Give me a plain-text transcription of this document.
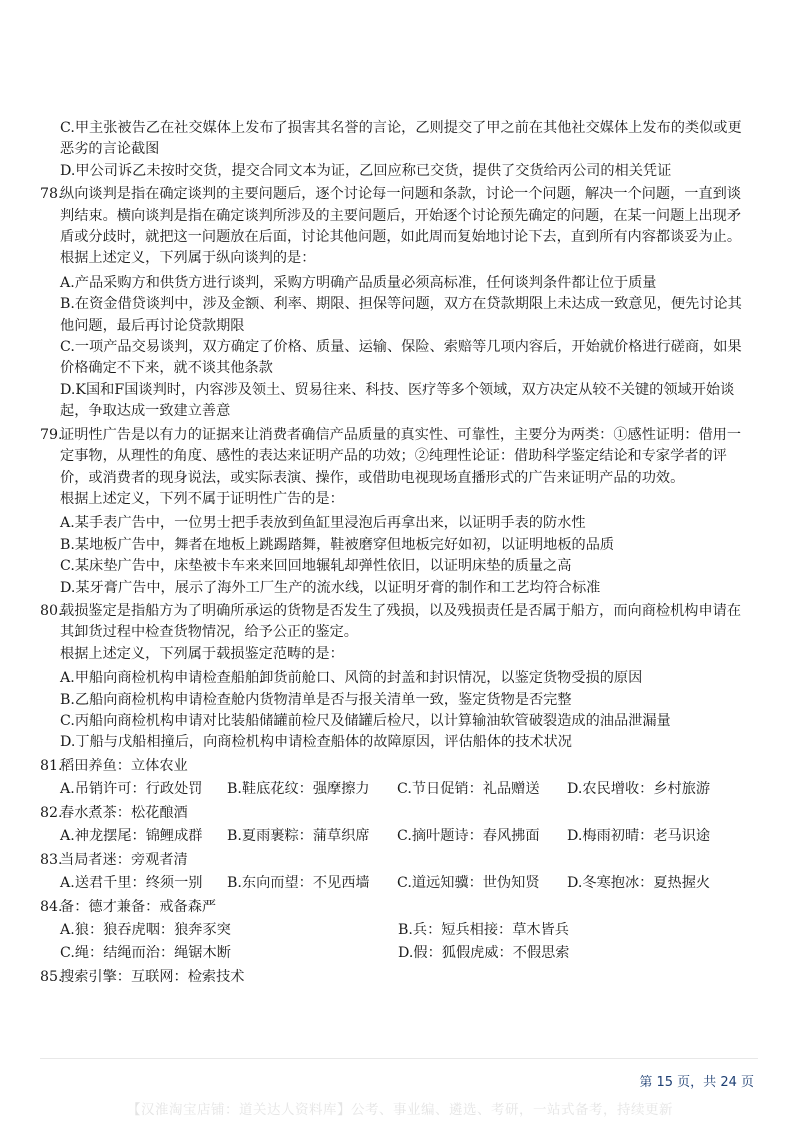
C.甲主张被告乙在社交媒体上发布了损害其名誉的言论，乙则提交了甲之前在其他社交媒体上发布的类似或更
恶劣的言论截图
D.甲公司诉乙未按时交货，提交合同文本为证，乙回应称已交货，提供了交货给丙公司的相关凭证
78.纵向谈判是指在确定谈判的主要问题后，逐个讨论每一问题和条款，讨论一个问题，解决一个问题，一直到谈
判结束。横向谈判是指在确定谈判所涉及的主要问题后，开始逐个讨论预先确定的问题，在某一问题上出现矛
盾或分歧时，就把这一问题放在后面，讨论其他问题，如此周而复始地讨论下去，直到所有内容都谈妥为止。
根据上述定义，下列属于纵向谈判的是：
A.产品采购方和供货方进行谈判，采购方明确产品质量必须高标准，任何谈判条件都让位于质量
B.在资金借贷谈判中，涉及金额、利率、期限、担保等问题，双方在贷款期限上未达成一致意见，便先讨论其
他问题，最后再讨论贷款期限
C.一项产品交易谈判，双方确定了价格、质量、运输、保险、索赔等几项内容后，开始就价格进行磋商，如果
价格确定不下来，就不谈其他条款
D.K国和F国谈判时，内容涉及领土、贸易往来、科技、医疗等多个领域，双方决定从较不关键的领域开始谈
起，争取达成一致建立善意
79.证明性广告是以有力的证据来让消费者确信产品质量的真实性、可靠性，主要分为两类：①感性证明：借用一
定事物，从理性的角度、感性的表达来证明产品的功效；②纯理性论证：借助科学鉴定结论和专家学者的评
价，或消费者的现身说法，或实际表演、操作，或借助电视现场直播形式的广告来证明产品的功效。
根据上述定义，下列不属于证明性广告的是：
A.某手表广告中，一位男士把手表放到鱼缸里浸泡后再拿出来，以证明手表的防水性
B.某地板广告中，舞者在地板上跳踢踏舞，鞋被磨穿但地板完好如初，以证明地板的品质
C.某床垫广告中，床垫被卡车来来回回地辗轧却弹性依旧，以证明床垫的质量之高
D.某牙膏广告中，展示了海外工厂生产的流水线，以证明牙膏的制作和工艺均符合标准
80.载损鉴定是指船方为了明确所承运的货物是否发生了残损，以及残损责任是否属于船方，而向商检机构申请在
其卸货过程中检查货物情况，给予公正的鉴定。
根据上述定义，下列属于载损鉴定范畴的是：
A.甲船向商检机构申请检查船舶卸货前舱口、风筒的封盖和封识情况，以鉴定货物受损的原因
B.乙船向商检机构申请检查舱内货物清单是否与报关清单一致，鉴定货物是否完整
C.丙船向商检机构申请对比装船储罐前检尺及储罐后检尺，以计算输油软管破裂造成的油品泄漏量
D.丁船与戊船相撞后，向商检机构申请检查船体的故障原因，评估船体的技术状况
81.稻田养鱼：立体农业
A.吊销许可：行政处罚	B.鞋底花纹：强摩擦力	C.节日促销：礼品赠送	D.农民增收：乡村旅游
82.春水煮茶：松花酿酒
A.神龙摆尾：锦鲤成群	B.夏雨裹粽：蒲草织席	C.摘叶题诗：春风拂面	D.梅雨初晴：老马识途
83.当局者迷：旁观者清
A.送君千里：终须一别	B.东向而望：不见西墙	C.道远知骥：世伪知贤	D.冬寒抱冰：夏热握火
84.备：德才兼备：戒备森严
A.狼：狼吞虎咽：狼奔豕突	B.兵：短兵相接：草木皆兵
C.绳：结绳而治：绳锯木断	D.假：狐假虎威：不假思索
85.搜索引擎：互联网：检索技术
第 15 页，共 24 页
【汉淮淘宝店铺：道关达人资料库】公考、事业编、遴选、考研，一站式备考，持续更新
